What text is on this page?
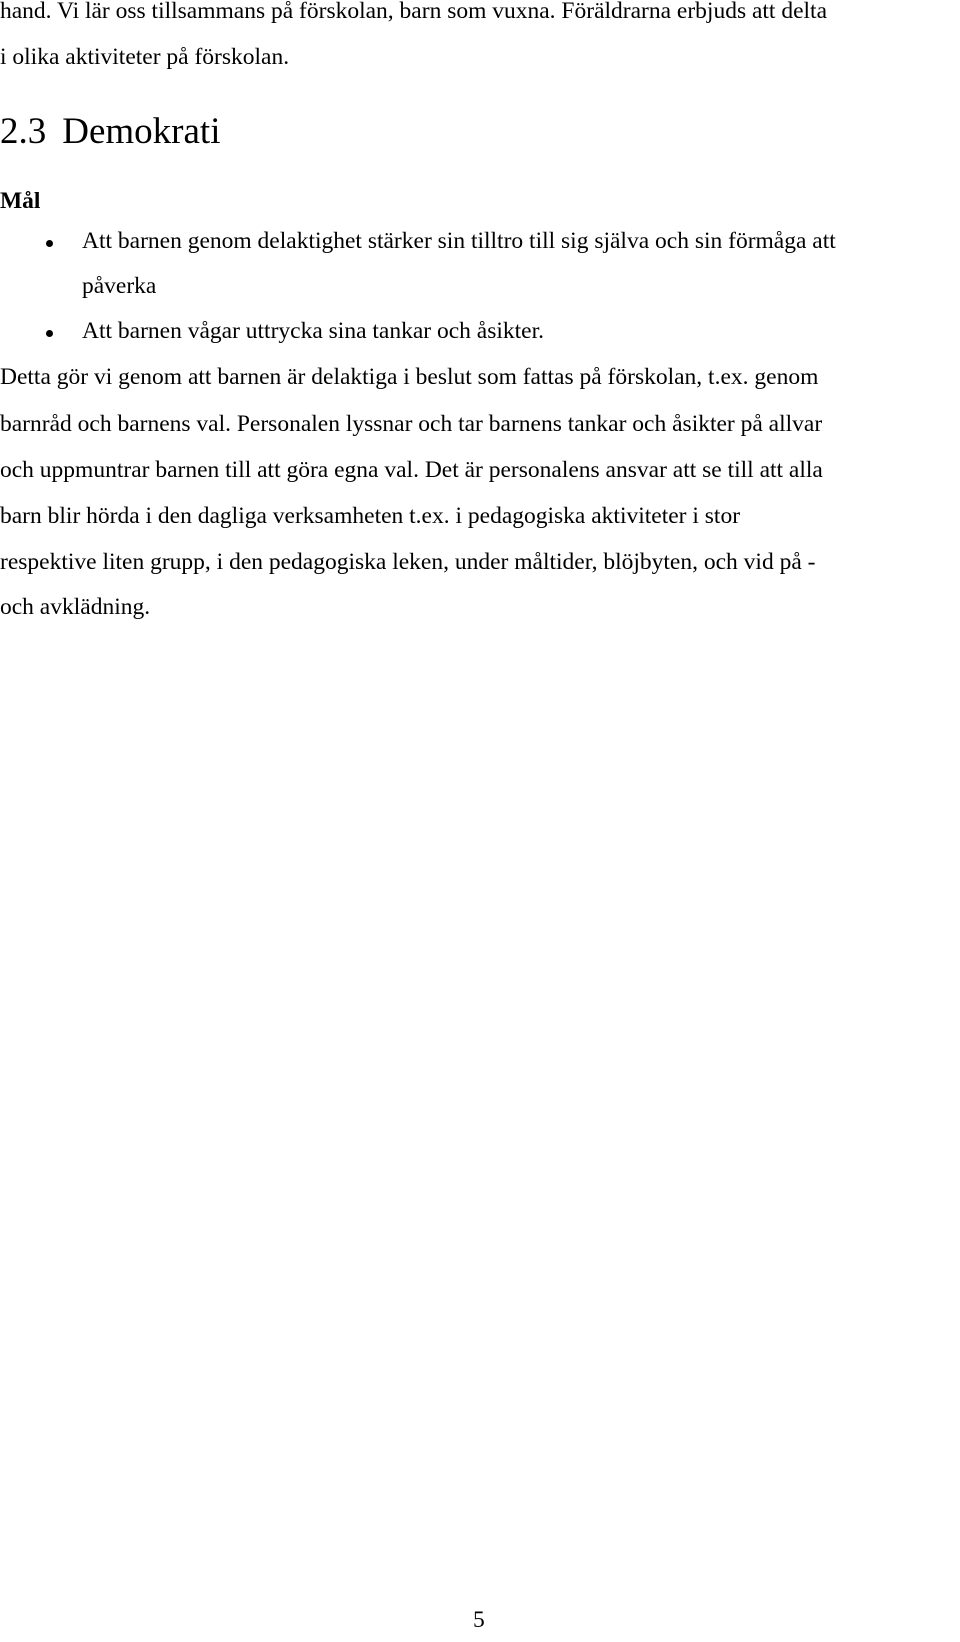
hand. Vi lär oss tillsammans på förskolan, barn som vuxna. Föräldrarna erbjuds att delta
i olika aktiviteter på förskolan.
2.3 Demokrati
Mål
Att barnen genom delaktighet stärker sin tilltro till sig själva och sin förmåga att
påverka
Att barnen vågar uttrycka sina tankar och åsikter.
Detta gör vi genom att barnen är delaktiga i beslut som fattas på förskolan, t.ex. genom
barnråd och barnens val. Personalen lyssnar och tar barnens tankar och åsikter på allvar
och uppmuntrar barnen till att göra egna val. Det är personalens ansvar att se till att alla
barn blir hörda i den dagliga verksamheten t.ex. i pedagogiska aktiviteter i stor
respektive liten grupp, i den pedagogiska leken, under måltider, blöjbyten, och vid på -
och avklädning.
5
